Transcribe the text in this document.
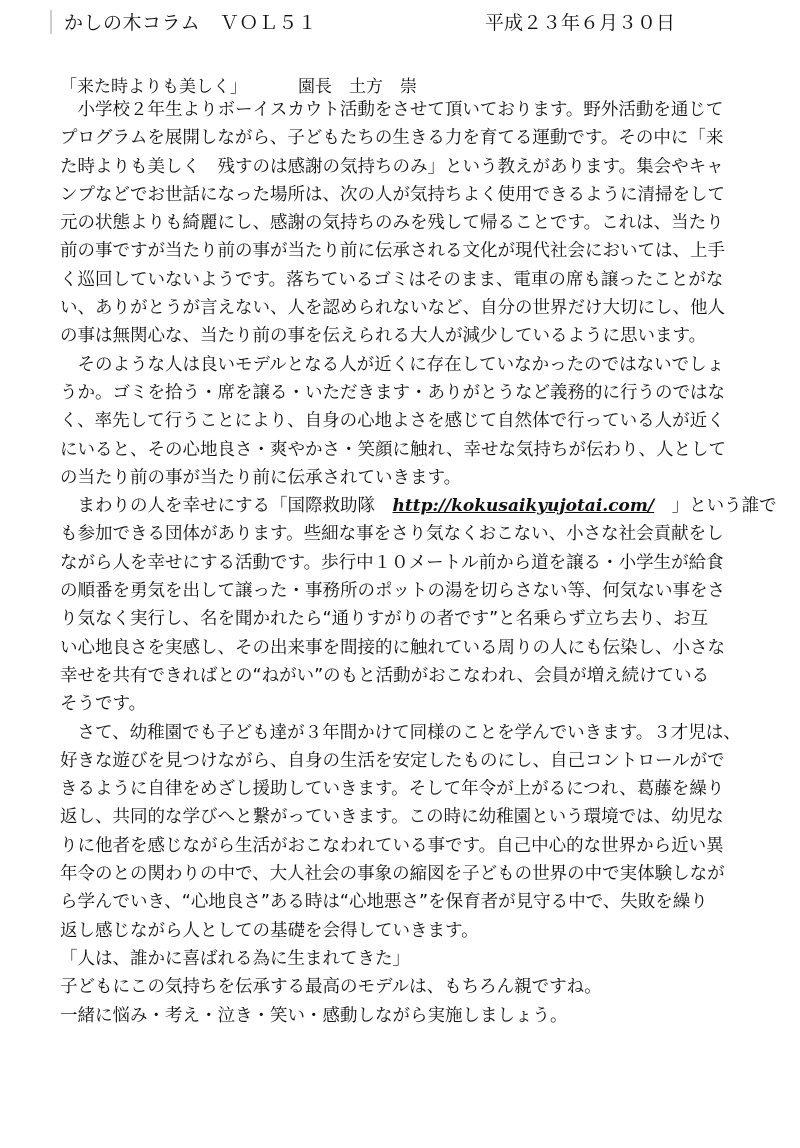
かしの木コラム　ＶＯＬ５１	平成２３年６月３０日
「来た時よりも美しく」	園長　土方　崇
　小学校２年生よりボーイスカウト活動をさせて頂いております。野外活動を通じて
プログラムを展開しながら、子どもたちの生きる力を育てる運動です。その中に「来
た時よりも美しく　残すのは感謝の気持ちのみ」という教えがあります。集会やキャ
ンプなどでお世話になった場所は、次の人が気持ちよく使用できるように清掃をして
元の状態よりも綺麗にし、感謝の気持ちのみを残して帰ることです。これは、当たり
前の事ですが当たり前の事が当たり前に伝承される文化が現代社会においては、上手
く巡回していないようです。落ちているゴミはそのまま、電車の席も譲ったことがな
い、ありがとうが言えない、人を認められないなど、自分の世界だけ大切にし、他人
の事は無関心な、当たり前の事を伝えられる大人が減少しているように思います。
　そのような人は良いモデルとなる人が近くに存在していなかったのではないでしょ
うか。ゴミを拾う・席を譲る・いただきます・ありがとうなど義務的に行うのではな
く、率先して行うことにより、自身の心地よさを感じて自然体で行っている人が近く
にいると、その心地良さ・爽やかさ・笑顔に触れ、幸せな気持ちが伝わり、人として
の当たり前の事が当たり前に伝承されていきます。
　まわりの人を幸せにする「国際救助隊　http://kokusaikyujotai.com/　」という誰で
も参加できる団体があります。些細な事をさり気なくおこない、小さな社会貢献をし
ながら人を幸せにする活動です。歩行中１０メートル前から道を譲る・小学生が給食
の順番を勇気を出して譲った・事務所のポットの湯を切らさない等、何気ない事をさ
り気なく実行し、名を聞かれたら“通りすがりの者です”と名乗らず立ち去り、お互
い心地良さを実感し、その出来事を間接的に触れている周りの人にも伝染し、小さな
幸せを共有できればとの“ねがい”のもと活動がおこなわれ、会員が増え続けている
そうです。
　さて、幼稚園でも子ども達が３年間かけて同様のことを学んでいきます。３才児は、
好きな遊びを見つけながら、自身の生活を安定したものにし、自己コントロールがで
きるように自律をめざし援助していきます。そして年令が上がるにつれ、葛藤を繰り
返し、共同的な学びへと繋がっていきます。この時に幼稚園という環境では、幼児な
りに他者を感じながら生活がおこなわれている事です。自己中心的な世界から近い異
年令のとの関わりの中で、大人社会の事象の縮図を子どもの世界の中で実体験しなが
ら学んでいき、“心地良さ”ある時は“心地悪さ”を保育者が見守る中で、失敗を繰り
返し感じながら人としての基礎を会得していきます。
「人は、誰かに喜ばれる為に生まれてきた」
子どもにこの気持ちを伝承する最高のモデルは、もちろん親ですね。
一緒に悩み・考え・泣き・笑い・感動しながら実施しましょう。
